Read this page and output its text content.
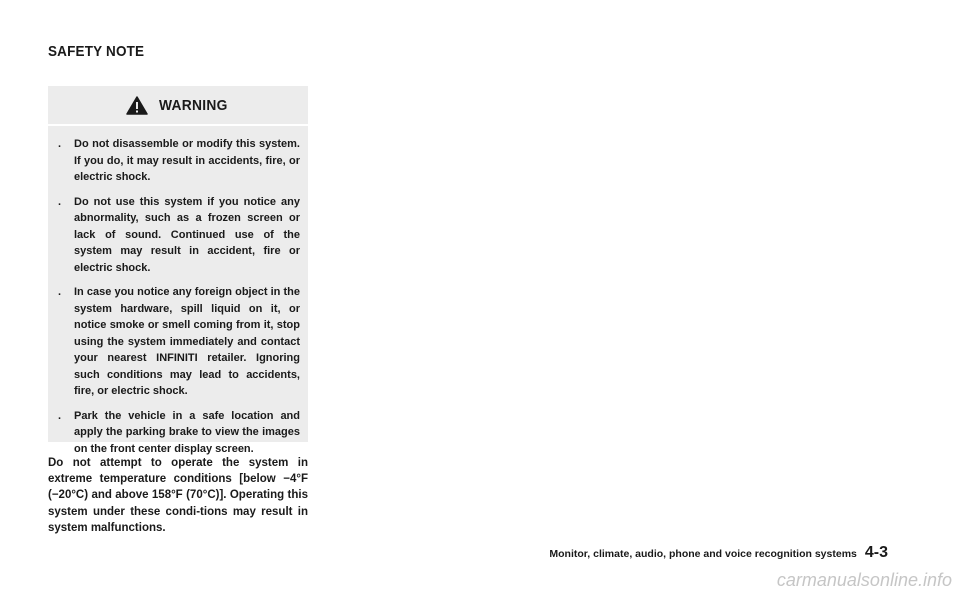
SAFETY NOTE
WARNING
. Do not disassemble or modify this system. If you do, it may result in accidents, fire, or electric shock.
. Do not use this system if you notice any abnormality, such as a frozen screen or lack of sound. Continued use of the system may result in accident, fire or electric shock.
. In case you notice any foreign object in the system hardware, spill liquid on it, or notice smoke or smell coming from it, stop using the system immediately and contact your nearest INFINITI retailer. Ignoring such conditions may lead to accidents, fire, or electric shock.
. Park the vehicle in a safe location and apply the parking brake to view the images on the front center display screen.

Do not attempt to operate the system in extreme temperature conditions [below −4°F (−20°C) and above 158°F (70°C)]. Operating this system under these condi-tions may result in system malfunctions.

Monitor, climate, audio, phone and voice recognition systems 4-3
carmanualsonline.info
